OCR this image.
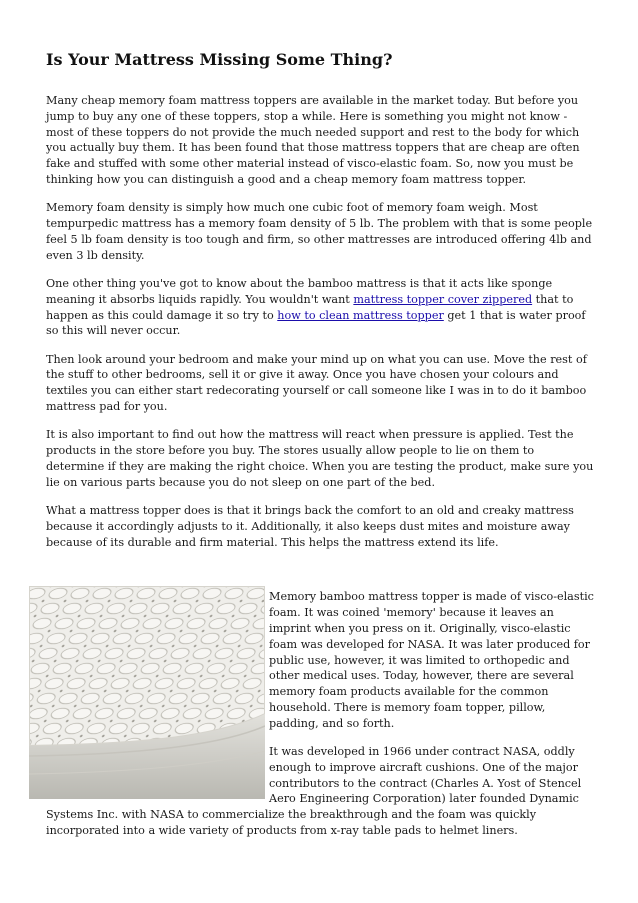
Is Your Mattress Missing Some Thing?

Many cheap memory foam mattress toppers are available in the market today. But before you jump to buy any one of these toppers, stop a while. Here is something you might not know - most of these toppers do not provide the much needed support and rest to the body for which you actually buy them. It has been found that those mattress toppers that are cheap are often fake and stuffed with some other material instead of visco-elastic foam. So, now you must be thinking how you can distinguish a good and a cheap memory foam mattress topper.

Memory foam density is simply how much one cubic foot of memory foam weigh. Most tempurpedic mattress has a memory foam density of 5 lb. The problem with that is some people feel 5 lb foam density is too tough and firm, so other mattresses are introduced offering 4lb and even 3 lb density.

One other thing you've got to know about the bamboo mattress is that it acts like sponge meaning it absorbs liquids rapidly. You wouldn't want mattress topper cover zippered that to happen as this could damage it so try to how to clean mattress topper get 1 that is water proof so this will never occur.

Then look around your bedroom and make your mind up on what you can use. Move the rest of the stuff to other bedrooms, sell it or give it away. Once you have chosen your colours and textiles you can either start redecorating yourself or call someone like I was in to do it bamboo mattress pad for you.

It is also important to find out how the mattress will react when pressure is applied. Test the products in the store before you buy. The stores usually allow people to lie on them to determine if they are making the right choice. When you are testing the product, make sure you lie on various parts because you do not sleep on one part of the bed.

What a mattress topper does is that it brings back the comfort to an old and creaky mattress because it accordingly adjusts to it. Additionally, it also keeps dust mites and moisture away because of its durable and firm material. This helps the mattress extend its life.

Memory bamboo mattress topper is made of visco-elastic foam. It was coined 'memory' because it leaves an imprint when you press on it. Originally, visco-elastic foam was developed for NASA. It was later produced for public use, however, it was limited to orthopedic and other medical uses. Today, however, there are several memory foam products available for the common household. There is memory foam topper, pillow, padding, and so forth.

It was developed in 1966 under contract NASA, oddly enough to improve aircraft cushions. One of the major contributors to the contract (Charles A. Yost of Stencel Aero Engineering Corporation) later founded Dynamic Systems Inc. with NASA to commercialize the breakthrough and the foam was quickly incorporated into a wide variety of products from x-ray table pads to helmet liners.
